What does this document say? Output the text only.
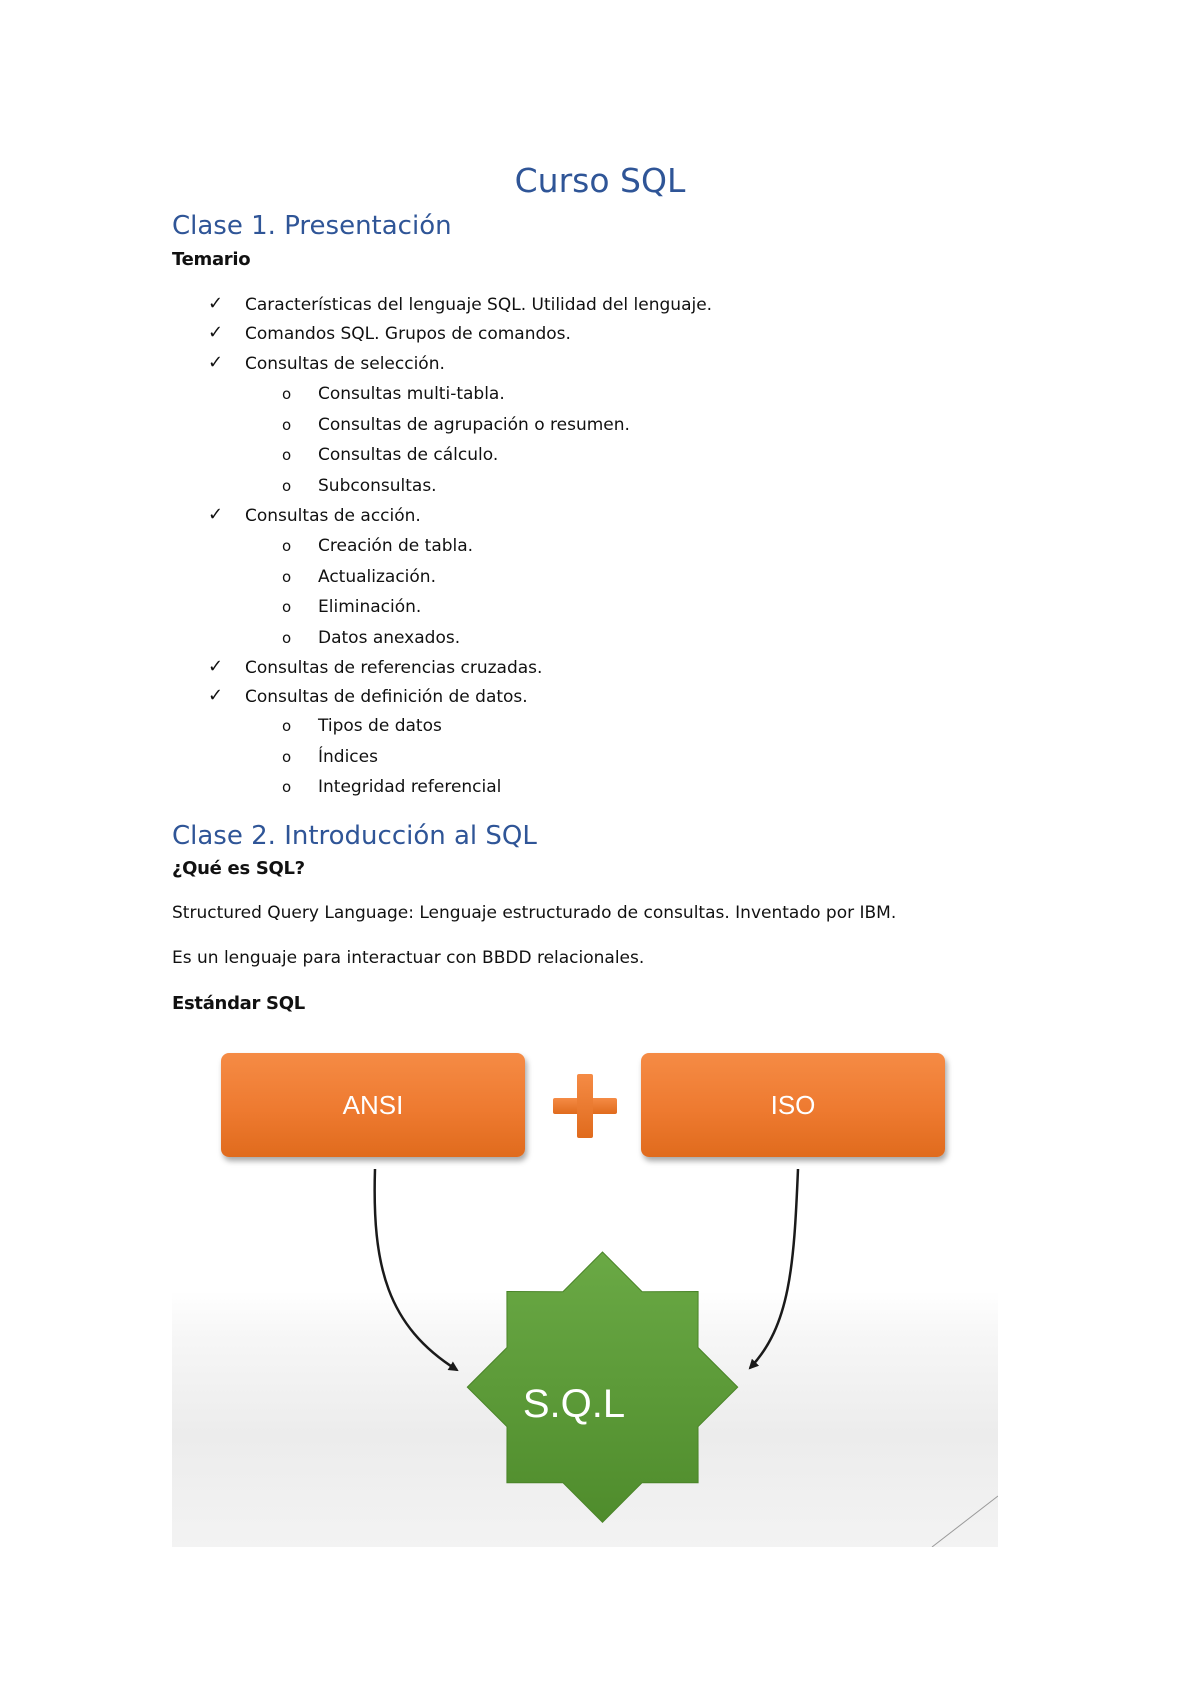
Curso SQL
Clase 1. Presentación
Temario
✓ Características del lenguaje SQL. Utilidad del lenguaje.
✓ Comandos SQL. Grupos de comandos.
✓ Consultas de selección.
o Consultas multi-tabla.
o Consultas de agrupación o resumen.
o Consultas de cálculo.
o Subconsultas.
✓ Consultas de acción.
o Creación de tabla.
o Actualización.
o Eliminación.
o Datos anexados.
✓ Consultas de referencias cruzadas.
✓ Consultas de definición de datos.
o Tipos de datos
o Índices
o Integridad referencial
Clase 2. Introducción al SQL
¿Qué es SQL?
Structured Query Language: Lenguaje estructurado de consultas. Inventado por IBM.
Es un lenguaje para interactuar con BBDD relacionales.
Estándar SQL
ANSI	ISO
S.Q.L
